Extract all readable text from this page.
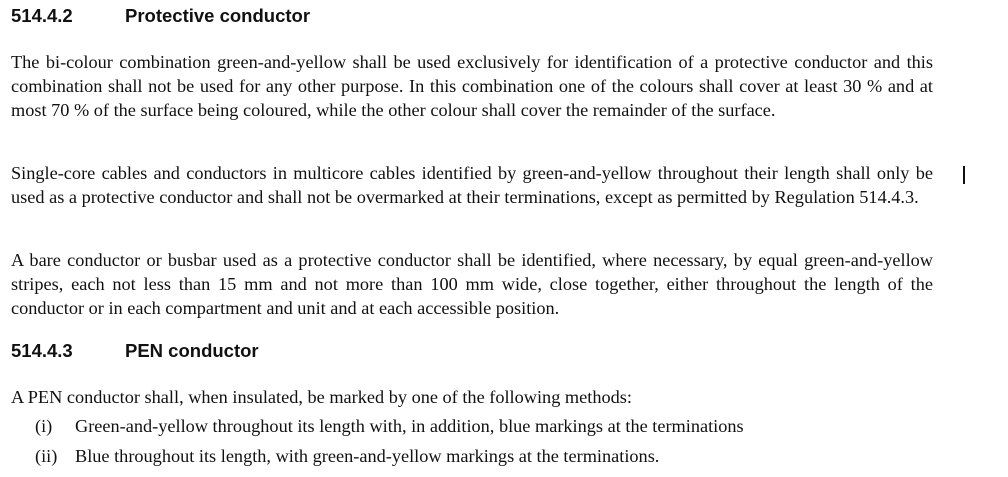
514.4.2	Protective conductor

The bi-colour combination green-and-yellow shall be used exclusively for identification of a protective conductor and this combination shall not be used for any other purpose. In this combination one of the colours shall cover at least 30 % and at most 70 % of the surface being coloured, while the other colour shall cover the remainder of the surface.

Single-core cables and conductors in multicore cables identified by green-and-yellow throughout their length shall only be used as a protective conductor and shall not be overmarked at their terminations, except as permitted by Regulation 514.4.3.

A bare conductor or busbar used as a protective conductor shall be identified, where necessary, by equal green-and-yellow stripes, each not less than 15 mm and not more than 100 mm wide, close together, either throughout the length of the conductor or in each compartment and unit and at each accessible position.

514.4.3	PEN conductor

A PEN conductor shall, when insulated, be marked by one of the following methods:

(i) Green-and-yellow throughout its length with, in addition, blue markings at the terminations
(ii) Blue throughout its length, with green-and-yellow markings at the terminations.
